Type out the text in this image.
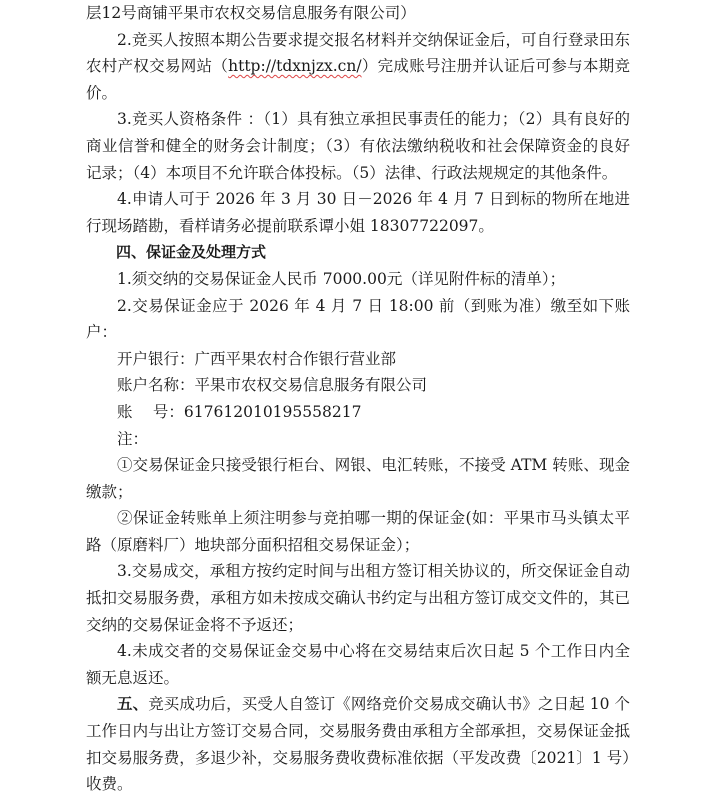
层12号商铺平果市农权交易信息服务有限公司）

2.竞买人按照本期公告要求提交报名材料并交纳保证金后，可自行登录田东农村产权交易网站（http://tdxnjzx.cn/）完成账号注册并认证后可参与本期竞价。

3.竞买人资格条件 ：（1）具有独立承担民事责任的能力；（2）具有良好的商业信誉和健全的财务会计制度；（3）有依法缴纳税收和社会保障资金的良好记录；（4）本项目不允许联合体投标。（5）法律、行政法规规定的其他条件。

4.申请人可于 2026 年 3 月 30 日－2026 年 4 月 7 日到标的物所在地进行现场踏勘，看样请务必提前联系谭小姐 18307722097。

四、保证金及处理方式

1.须交纳的交易保证金人民币 7000.00元（详见附件标的清单）；

2.交易保证金应于 2026 年 4 月 7 日 18:00 前（到账为准）缴至如下账户：

开户银行：广西平果农村合作银行营业部

账户名称：平果市农权交易信息服务有限公司

账　 号：617612010195558217

注：

①交易保证金只接受银行柜台、网银、电汇转账，不接受 ATM 转账、现金缴款；

②保证金转账单上须注明参与竞拍哪一期的保证金(如：平果市马头镇太平路（原磨料厂）地块部分面积招租交易保证金）；

3.交易成交，承租方按约定时间与出租方签订相关协议的，所交保证金自动抵扣交易服务费，承租方如未按成交确认书约定与出租方签订成交文件的，其已交纳的交易保证金将不予返还；

4.未成交者的交易保证金交易中心将在交易结束后次日起 5 个工作日内全额无息返还。

五、竞买成功后，买受人自签订《网络竞价交易成交确认书》之日起 10 个工作日内与出让方签订交易合同，交易服务费由承租方全部承担，交易保证金抵扣交易服务费，多退少补，交易服务费收费标准依据（平发改费〔2021〕1 号）收费。
